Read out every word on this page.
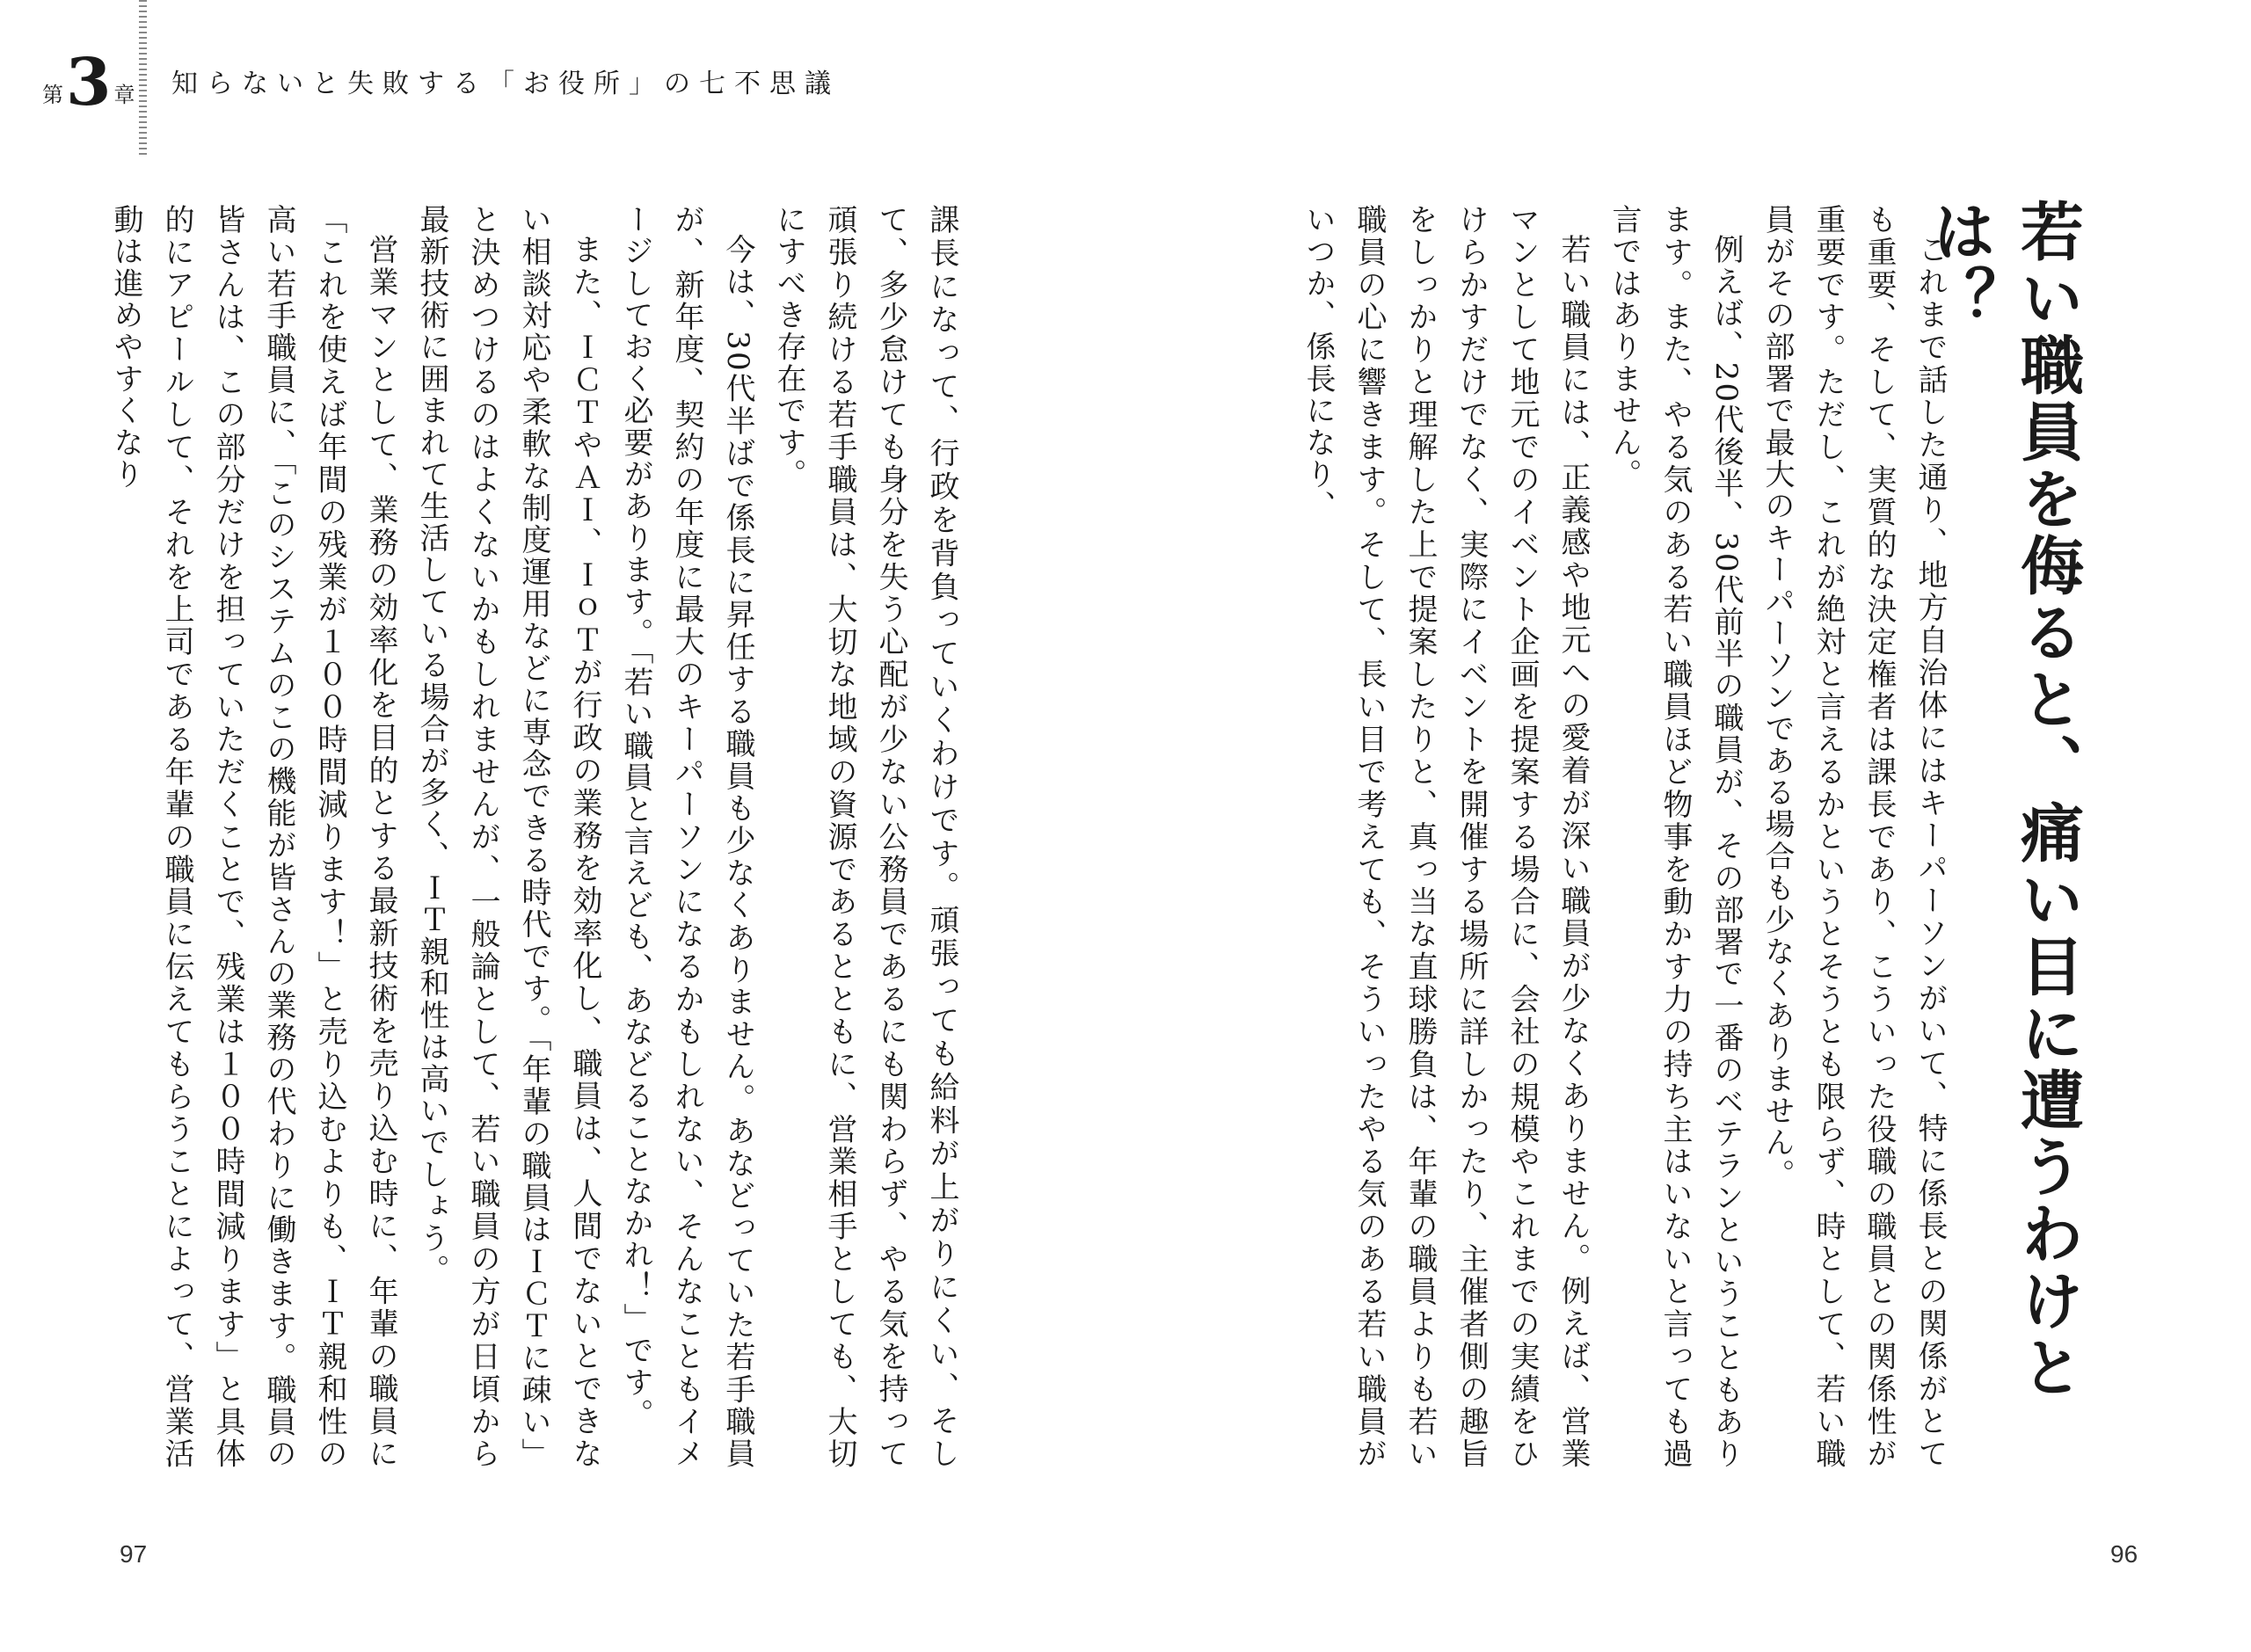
第 3 章 知らないと失敗する「お役所」の七不思議
若い職員を侮ると、痛い目に遭うわけとは？

これまで話した通り、地方自治体にはキーパーソンがいて、特に係長との関係がとても重要、そして、実質的な決定権者は課長であり、こういった役職の職員との関係性が重要です。ただし、これが絶対と言えるかというとそうとも限らず、時として、若い職員がその部署で最大のキーパーソンである場合も少なくありません。

例えば、20代後半、30代前半の職員が、その部署で一番のベテランということもあります。また、やる気のある若い職員ほど物事を動かす力の持ち主はいないと言っても過言ではありません。

若い職員には、正義感や地元への愛着が深い職員が少なくありません。例えば、営業マンとして地元でのイベント企画を提案する場合に、会社の規模やこれまでの実績をひけらかすだけでなく、実際にイベントを開催する場所に詳しかったり、主催者側の趣旨をしっかりと理解した上で提案したりと、真っ当な直球勝負は、年輩の職員よりも若い職員の心に響きます。そして、長い目で考えても、そういったやる気のある若い職員がいつか、係長になり、

96

課長になって、行政を背負っていくわけです。頑張っても給料が上がりにくい、そして、多少怠けても身分を失う心配が少ない公務員であるにも関わらず、やる気を持って頑張り続ける若手職員は、大切な地域の資源であるとともに、営業相手としても、大切にすべき存在です。

今は、30代半ばで係長に昇任する職員も少なくありません。あなどっていた若手職員が、新年度、契約の年度に最大のキーパーソンになるかもしれない、そんなこともイメージしておく必要があります。「若い職員と言えども、あなどることなかれ！」です。

また、ＩＣＴやＡＩ、ＩｏＴが行政の業務を効率化し、職員は、人間でないとできない相談対応や柔軟な制度運用などに専念できる時代です。「年輩の職員はＩＣＴに疎い」と決めつけるのはよくないかもしれませんが、一般論として、若い職員の方が日頃から最新技術に囲まれて生活している場合が多く、ＩＴ親和性は高いでしょう。

営業マンとして、業務の効率化を目的とする最新技術を売り込む時に、年輩の職員に「これを使えば年間の残業が１００時間減ります！」と売り込むよりも、ＩＴ親和性の高い若手職員に、「このシステムのこの機能が皆さんの業務の代わりに働きます。職員の皆さんは、この部分だけを担っていただくことで、残業は１００時間減ります」と具体的にアピールして、それを上司である年輩の職員に伝えてもらうことによって、営業活動は進めやすくなり

97
